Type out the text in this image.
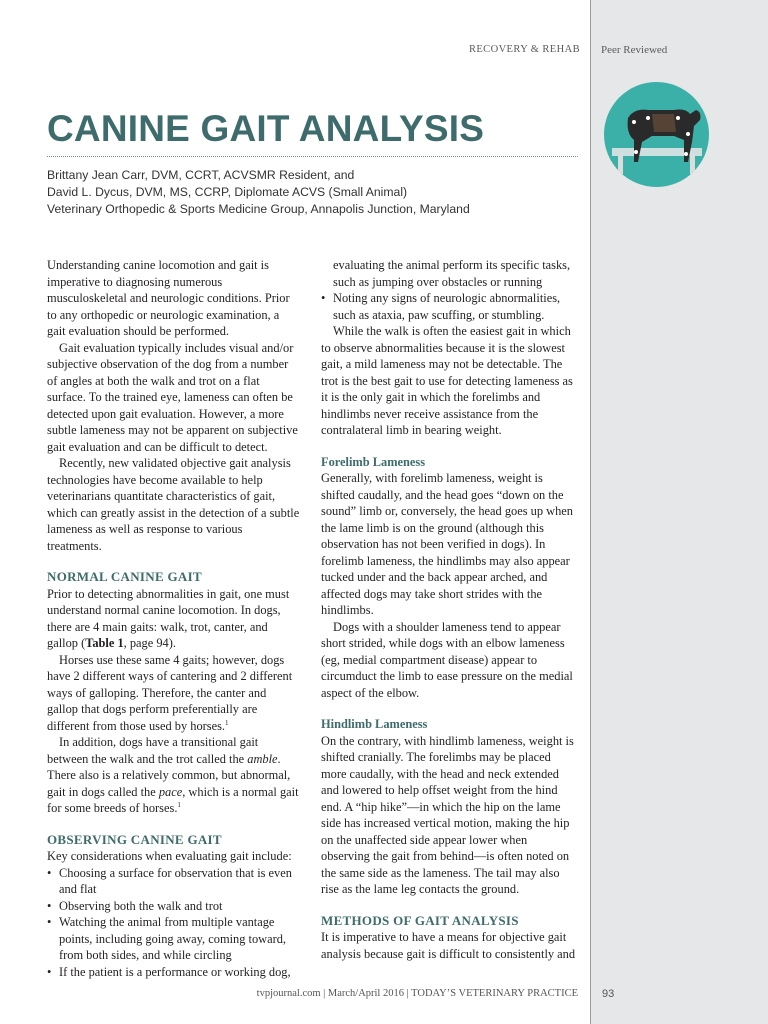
RECOVERY & REHAB Peer Reviewed
CANINE GAIT ANALYSIS
Brittany Jean Carr, DVM, CCRT, ACVSMR Resident, and
David L. Dycus, DVM, MS, CCRP, Diplomate ACVS (Small Animal)
Veterinary Orthopedic & Sports Medicine Group, Annapolis Junction, Maryland

Understanding canine locomotion and gait is imperative to diagnosing numerous musculoskeletal and neurologic conditions. Prior to any orthopedic or neurologic examination, a gait evaluation should be performed.

Gait evaluation typically includes visual and/or subjective observation of the dog from a number of angles at both the walk and trot on a flat surface. To the trained eye, lameness can often be detected upon gait evaluation. However, a more subtle lameness may not be apparent on subjective gait evaluation and can be difficult to detect.

Recently, new validated objective gait analysis technologies have become available to help veterinarians quantitate characteristics of gait, which can greatly assist in the detection of a subtle lameness as well as response to various treatments.

NORMAL CANINE GAIT

Prior to detecting abnormalities in gait, one must understand normal canine locomotion. In dogs, there are 4 main gaits: walk, trot, canter, and gallop (Table 1, page 94).

Horses use these same 4 gaits; however, dogs have 2 different ways of cantering and 2 different ways of galloping. Therefore, the canter and gallop that dogs perform preferentially are different from those used by horses.$^1$

In addition, dogs have a transitional gait between the walk and the trot called the amble. There also is a relatively common, but abnormal, gait in dogs called the pace, which is a normal gait for some breeds of horses.$^1$

OBSERVING CANINE GAIT

Key considerations when evaluating gait include:

• Choosing a surface for observation that is even and flat
• Observing both the walk and trot
• Watching the animal from multiple vantage points, including going away, coming toward, from both sides, and while circling
• If the patient is a performance or working dog,
evaluating the animal perform its specific tasks, such as jumping over obstacles or running
• Noting any signs of neurologic abnormalities, such as ataxia, paw scuffing, or stumbling.

While the walk is often the easiest gait in which to observe abnormalities because it is the slowest gait, a mild lameness may not be detectable. The trot is the best gait to use for detecting lameness as it is the only gait in which the forelimbs and hindlimbs never receive assistance from the contralateral limb in bearing weight.

Forelimb Lameness

Generally, with forelimb lameness, weight is shifted caudally, and the head goes “down on the sound” limb or, conversely, the head goes up when the lame limb is on the ground (although this observation has not been verified in dogs). In forelimb lameness, the hindlimbs may also appear tucked under and the back appear arched, and affected dogs may take short strides with the hindlimbs.

Dogs with a shoulder lameness tend to appear short strided, while dogs with an elbow lameness (eg, medial compartment disease) appear to circumduct the limb to ease pressure on the medial aspect of the elbow.

Hindlimb Lameness

On the contrary, with hindlimb lameness, weight is shifted cranially. The forelimbs may be placed more caudally, with the head and neck extended and lowered to help offset weight from the hind end. A “hip hike”—in which the hip on the lame side has increased vertical motion, making the hip on the unaffected side appear lower when observing the gait from behind—is often noted on the same side as the lameness. The tail may also rise as the lame leg contacts the ground.

METHODS OF GAIT ANALYSIS

It is imperative to have a means for objective gait analysis because gait is difficult to consistently and

tvpjournal.com | March/April 2016 | TODAY’S VETERINARY PRACTICE 93
